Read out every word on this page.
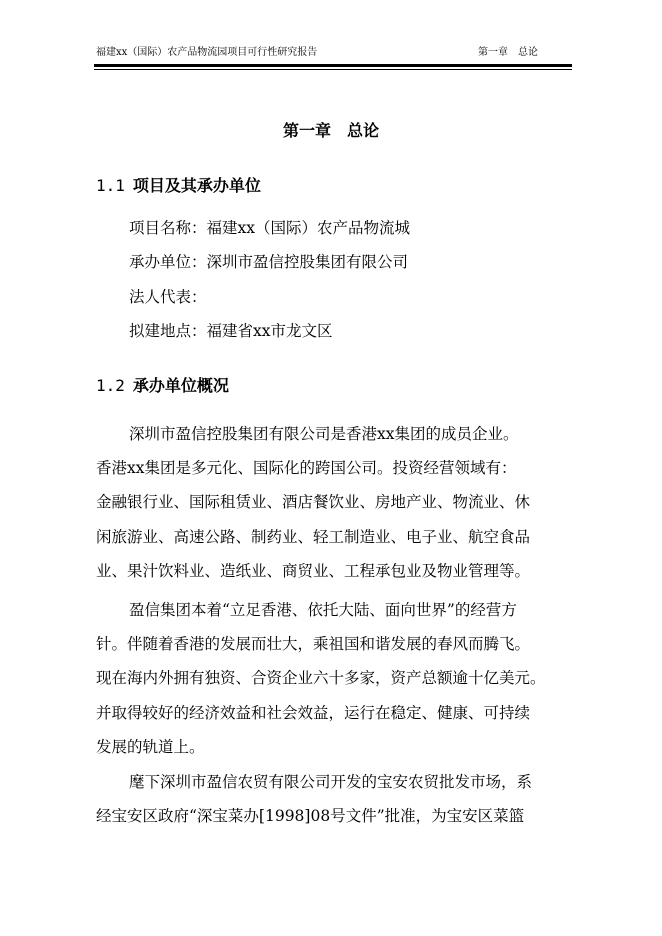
福建xx（国际）农产品物流园项目可行性研究报告	第一章　总论
第一章　总论
1.1 项目及其承办单位
项目名称：福建xx（国际）农产品物流城
承办单位：深圳市盈信控股集团有限公司
法人代表：
拟建地点：福建省xx市龙文区
1.2 承办单位概况
深圳市盈信控股集团有限公司是香港xx集团的成员企业。
香港xx集团是多元化、国际化的跨国公司。投资经营领域有：
金融银行业、国际租赁业、酒店餐饮业、房地产业、物流业、休
闲旅游业、高速公路、制药业、轻工制造业、电子业、航空食品
业、果汁饮料业、造纸业、商贸业、工程承包业及物业管理等。
盈信集团本着“立足香港、依托大陆、面向世界”的经营方
针。伴随着香港的发展而壮大，乘祖国和谐发展的春风而腾飞。
现在海内外拥有独资、合资企业六十多家，资产总额逾十亿美元。
并取得较好的经济效益和社会效益，运行在稳定、健康、可持续
发展的轨道上。
麾下深圳市盈信农贸有限公司开发的宝安农贸批发市场，系
经宝安区政府“深宝菜办[1998]08号文件”批准，为宝安区菜篮
